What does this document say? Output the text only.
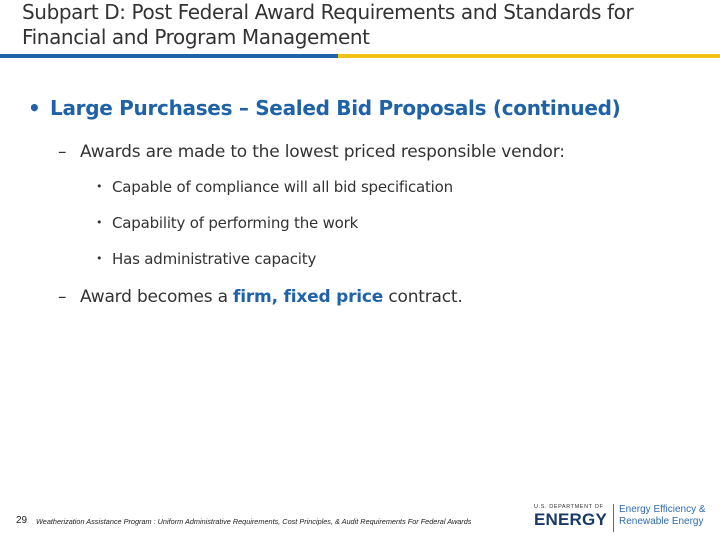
Subpart D: Post Federal Award Requirements and Standards for
Financial and Program Management
• Large Purchases – Sealed Bid Proposals (continued)
– Awards are made to the lowest priced responsible vendor:
• Capable of compliance will all bid specification
• Capability of performing the work
• Has administrative capacity
– Award becomes a firm, fixed price contract.
29 Weatherization Assistance Program : Uniform Administrative Requirements, Cost Principles, & Audit Requirements For Federal Awards
U.S. DEPARTMENT OF
ENERGY
Energy Efficiency &
Renewable Energy
